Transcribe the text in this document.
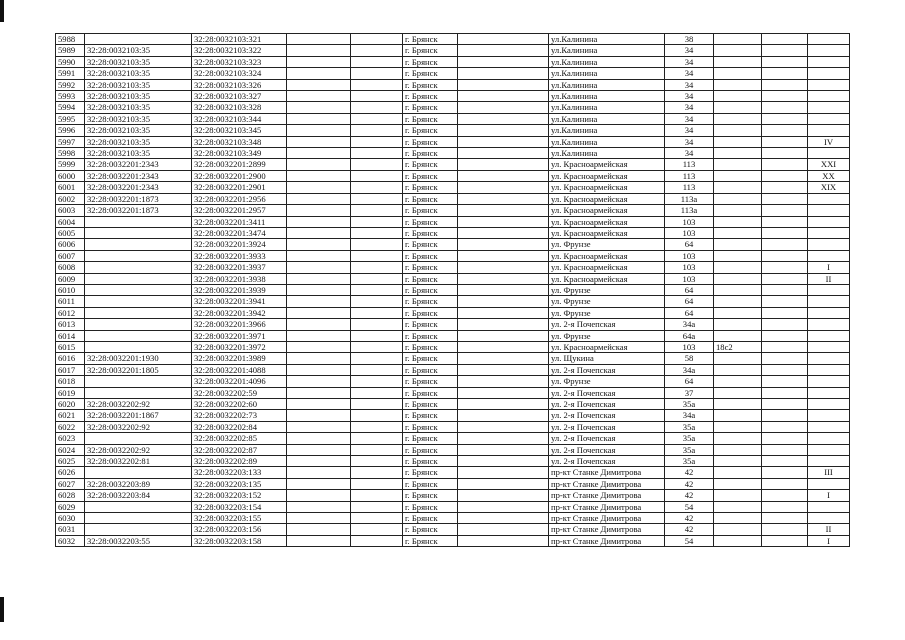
5988		32:28:0032103:321			г. Брянск		ул.Калинина	38			
5989	32:28:0032103:35	32:28:0032103:322			г. Брянск		ул.Калинина	34			
5990	32:28:0032103:35	32:28:0032103:323			г. Брянск		ул.Калинина	34			
5991	32:28:0032103:35	32:28:0032103:324			г. Брянск		ул.Калинина	34			
5992	32:28:0032103:35	32:28:0032103:326			г. Брянск		ул.Калинина	34			
5993	32:28:0032103:35	32:28:0032103:327			г. Брянск		ул.Калинина	34			
5994	32:28:0032103:35	32:28:0032103:328			г. Брянск		ул.Калинина	34			
5995	32:28:0032103:35	32:28:0032103:344			г. Брянск		ул.Калинина	34			
5996	32:28:0032103:35	32:28:0032103:345			г. Брянск		ул.Калинина	34			
5997	32:28:0032103:35	32:28:0032103:348			г. Брянск		ул.Калинина	34			IV
5998	32:28:0032103:35	32:28:0032103:349			г. Брянск		ул.Калинина	34			
5999	32:28:0032201:2343	32:28:0032201:2899			г. Брянск		ул. Красноармейская	113			XXI
6000	32:28:0032201:2343	32:28:0032201:2900			г. Брянск		ул. Красноармейская	113			XX
6001	32:28:0032201:2343	32:28:0032201:2901			г. Брянск		ул. Красноармейская	113			XIX
6002	32:28:0032201:1873	32:28:0032201:2956			г. Брянск		ул. Красноармейская	113а			
6003	32:28:0032201:1873	32:28:0032201:2957			г. Брянск		ул. Красноармейская	113а			
6004		32:28:0032201:3411			г. Брянск		ул. Красноармейская	103			
6005		32:28:0032201:3474			г. Брянск		ул. Красноармейская	103			
6006		32:28:0032201:3924			г. Брянск		ул. Фрунзе	64			
6007		32:28:0032201:3933			г. Брянск		ул. Красноармейская	103			
6008		32:28:0032201:3937			г. Брянск		ул. Красноармейская	103			I
6009		32:28:0032201:3938			г. Брянск		ул. Красноармейская	103			II
6010		32:28:0032201:3939			г. Брянск		ул. Фрунзе	64			
6011		32:28:0032201:3941			г. Брянск		ул. Фрунзе	64			
6012		32:28:0032201:3942			г. Брянск		ул. Фрунзе	64			
6013		32:28:0032201:3966			г. Брянск		ул. 2-я Почепская	34а			
6014		32:28:0032201:3971			г. Брянск		ул. Фрунзе	64а			
6015		32:28:0032201:3972			г. Брянск		ул. Красноармейская	103	18с2		
6016	32:28:0032201:1930	32:28:0032201:3989			г. Брянск		ул. Щукина	58			
6017	32:28:0032201:1805	32:28:0032201:4088			г. Брянск		ул. 2-я Почепская	34а			
6018		32:28:0032201:4096			г. Брянск		ул. Фрунзе	64			
6019		32:28:0032202:59			г. Брянск		ул. 2-я Почепская	37			
6020	32:28:0032202:92	32:28:0032202:60			г. Брянск		ул. 2-я Почепская	35а			
6021	32:28:0032201:1867	32:28:0032202:73			г. Брянск		ул. 2-я Почепская	34а			
6022	32:28:0032202:92	32:28:0032202:84			г. Брянск		ул. 2-я Почепская	35а			
6023		32:28:0032202:85			г. Брянск		ул. 2-я Почепская	35а			
6024	32:28:0032202:92	32:28:0032202:87			г. Брянск		ул. 2-я Почепская	35а			
6025	32:28:0032202:81	32:28:0032202:89			г. Брянск		ул. 2-я Почепская	35а			
6026		32:28:0032203:133			г. Брянск		пр-кт Станке Димитрова	42			III
6027	32:28:0032203:89	32:28:0032203:135			г. Брянск		пр-кт Станке Димитрова	42			
6028	32:28:0032203:84	32:28:0032203:152			г. Брянск		пр-кт Станке Димитрова	42			I
6029		32:28:0032203:154			г. Брянск		пр-кт Станке Димитрова	54			
6030		32:28:0032203:155			г. Брянск		пр-кт Станке Димитрова	42			
6031		32:28:0032203:156			г. Брянск		пр-кт Станке Димитрова	42			II
6032	32:28:0032203:55	32:28:0032203:158			г. Брянск		пр-кт Станке Димитрова	54			I
